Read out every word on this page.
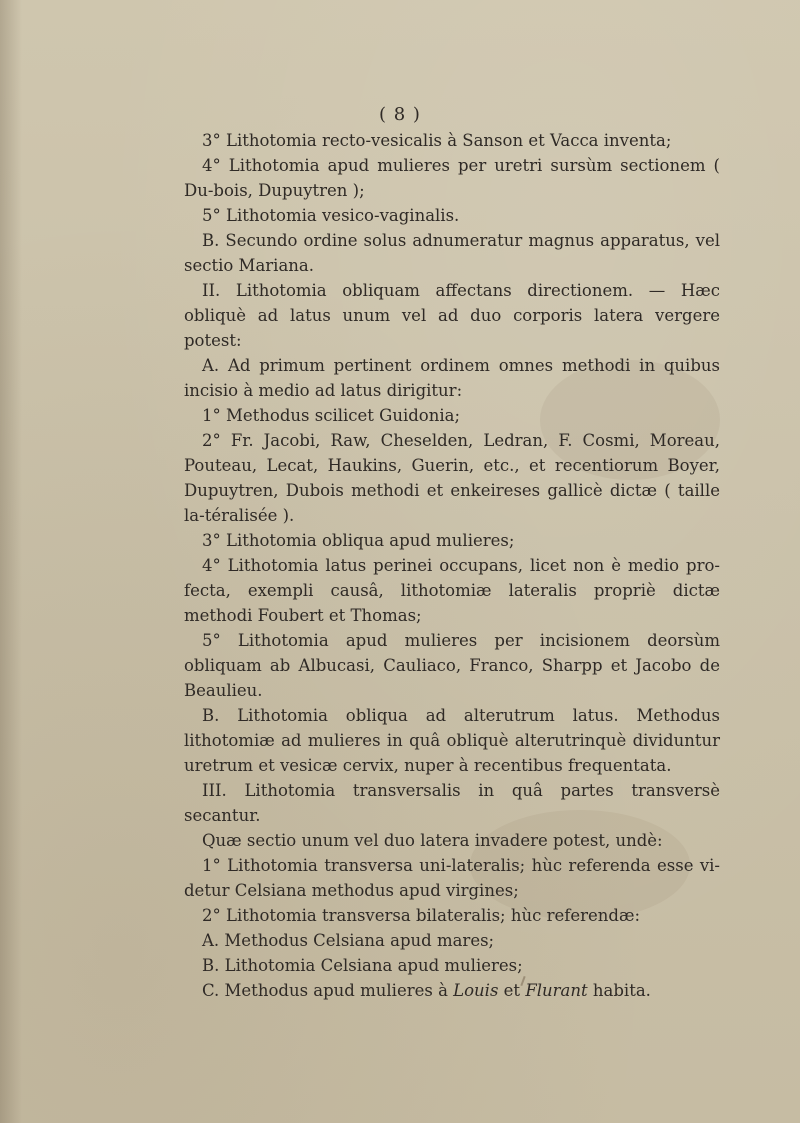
( 8 )

3° Lithotomia recto-vesicalis à Sanson et Vacca inventa;

4° Lithotomia apud mulieres per uretri sursùm sectionem ( Du-bois, Dupuytren );

5° Lithotomia vesico-vaginalis.

B. Secundo ordine solus adnumeratur magnus apparatus, vel sectio Mariana.

II. Lithotomia obliquam affectans directionem. — Hæc obliquè ad latus unum vel ad duo corporis latera vergere potest:

A. Ad primum pertinent ordinem omnes methodi in quibus incisio à medio ad latus dirigitur:

1° Methodus scilicet Guidonia;

2° Fr. Jacobi, Raw, Cheselden, Ledran, F. Cosmi, Moreau, Pouteau, Lecat, Haukins, Guerin, etc., et recentiorum Boyer, Dupuytren, Dubois methodi et enkeireses gallicè dictæ ( taille la-téralisée ).

3° Lithotomia obliqua apud mulieres;

4° Lithotomia latus perinei occupans, licet non è medio pro-fecta, exempli causâ, lithotomiæ lateralis propriè dictæ methodi Foubert et Thomas;

5° Lithotomia apud mulieres per incisionem deorsùm obliquam ab Albucasi, Cauliaco, Franco, Sharpp et Jacobo de Beaulieu.

B. Lithotomia obliqua ad alterutrum latus. Methodus lithotomiæ ad mulieres in quâ obliquè alterutrinquè dividuntur uretrum et vesicæ cervix, nuper à recentibus frequentata.

III. Lithotomia transversalis in quâ partes transversè secantur.

Quæ sectio unum vel duo latera invadere potest, undè:

1° Lithotomia transversa uni-lateralis; hùc referenda esse vi-detur Celsiana methodus apud virgines;

2° Lithotomia transversa bilateralis; hùc referendæ:

A. Methodus Celsiana apud mares;

B. Lithotomia Celsiana apud mulieres;

C. Methodus apud mulieres à Louis et Flurant habita.
